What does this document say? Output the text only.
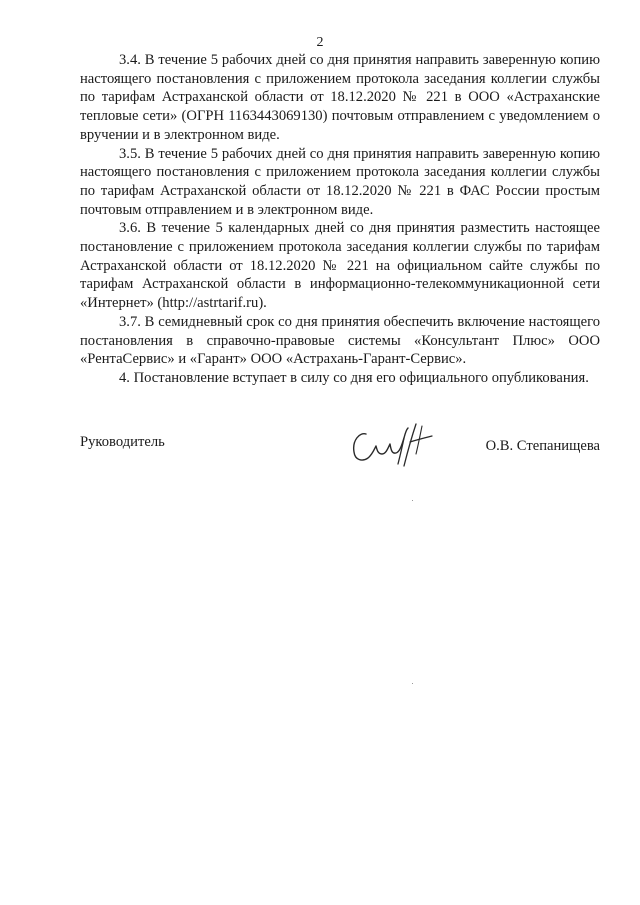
2

3.4. В течение 5 рабочих дней со дня принятия направить заверенную копию настоящего постановления с приложением протокола заседания коллегии службы по тарифам Астраханской области от 18.12.2020 № 221 в ООО «Астраханские тепловые сети» (ОГРН 1163443069130) почтовым отправлением с уведомлением о вручении и в электронном виде.

3.5. В течение 5 рабочих дней со дня принятия направить заверенную копию настоящего постановления с приложением протокола заседания коллегии службы по тарифам Астраханской области от 18.12.2020 № 221 в ФАС России простым почтовым отправлением и в электронном виде.

3.6. В течение 5 календарных дней со дня принятия разместить настоящее постановление с приложением протокола заседания коллегии службы по тарифам Астраханской области от 18.12.2020 № 221 на официальном сайте службы по тарифам Астраханской области в информационно-телекоммуникационной сети «Интернет» (http://astrtarif.ru).

3.7. В семидневный срок со дня принятия обеспечить включение настоящего постановления в справочно-правовые системы «Консультант Плюс» ООО «РентаСервис» и «Гарант» ООО «Астрахань-Гарант-Сервис».

4. Постановление вступает в силу со дня его официального опубликования.

Руководитель	О.В. Степанищева
